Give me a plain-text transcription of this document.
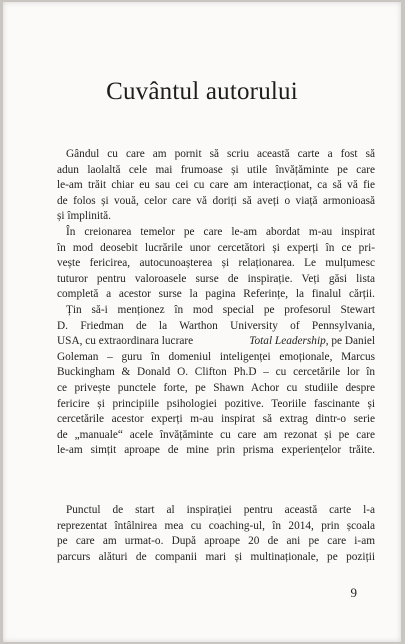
Cuvântul autorului
Gândul cu care am pornit să scriu această carte a fost să
adun laolaltă cele mai frumoase și utile învățăminte pe care
le-am trăit chiar eu sau cei cu care am interacționat, ca să vă fie
de folos și vouă, celor care vă doriți să aveți o viață armonioasă
și împlinită.
În creionarea temelor pe care le-am abordat m-au inspirat
în mod deosebit lucrările unor cercetători și experți în ce pri-
vește fericirea, autocunoașterea și relaționarea. Le mulțumesc
tuturor pentru valoroasele surse de inspirație. Veți găsi lista
completă a acestor surse la pagina Referințe, la finalul cărții.
Țin să-i menționez în mod special pe profesorul Stewart
D. Friedman de la Warthon University of Pennsylvania,
USA, cu extraordinara lucrare	Total Leadership, pe Daniel
Goleman – guru în domeniul inteligenței emoționale, Marcus
Buckingham & Donald O. Clifton Ph.D – cu cercetările lor în
ce privește punctele forte, pe Shawn Achor cu studiile despre
fericire și principiile psihologiei pozitive. Teoriile fascinante și
cercetările acestor experți m-au inspirat să extrag dintr-o serie
de „manuale“ acele învățăminte cu care am rezonat și pe care
le-am simțit aproape de mine prin prisma experiențelor trăite.
Punctul de start al inspirației pentru această carte l-a
reprezentat întâlnirea mea cu coaching-ul, în 2014, prin școala
pe care am urmat-o. După aproape 20 de ani pe care i-am
parcurs alături de companii mari și multinaționale, pe poziții
9
